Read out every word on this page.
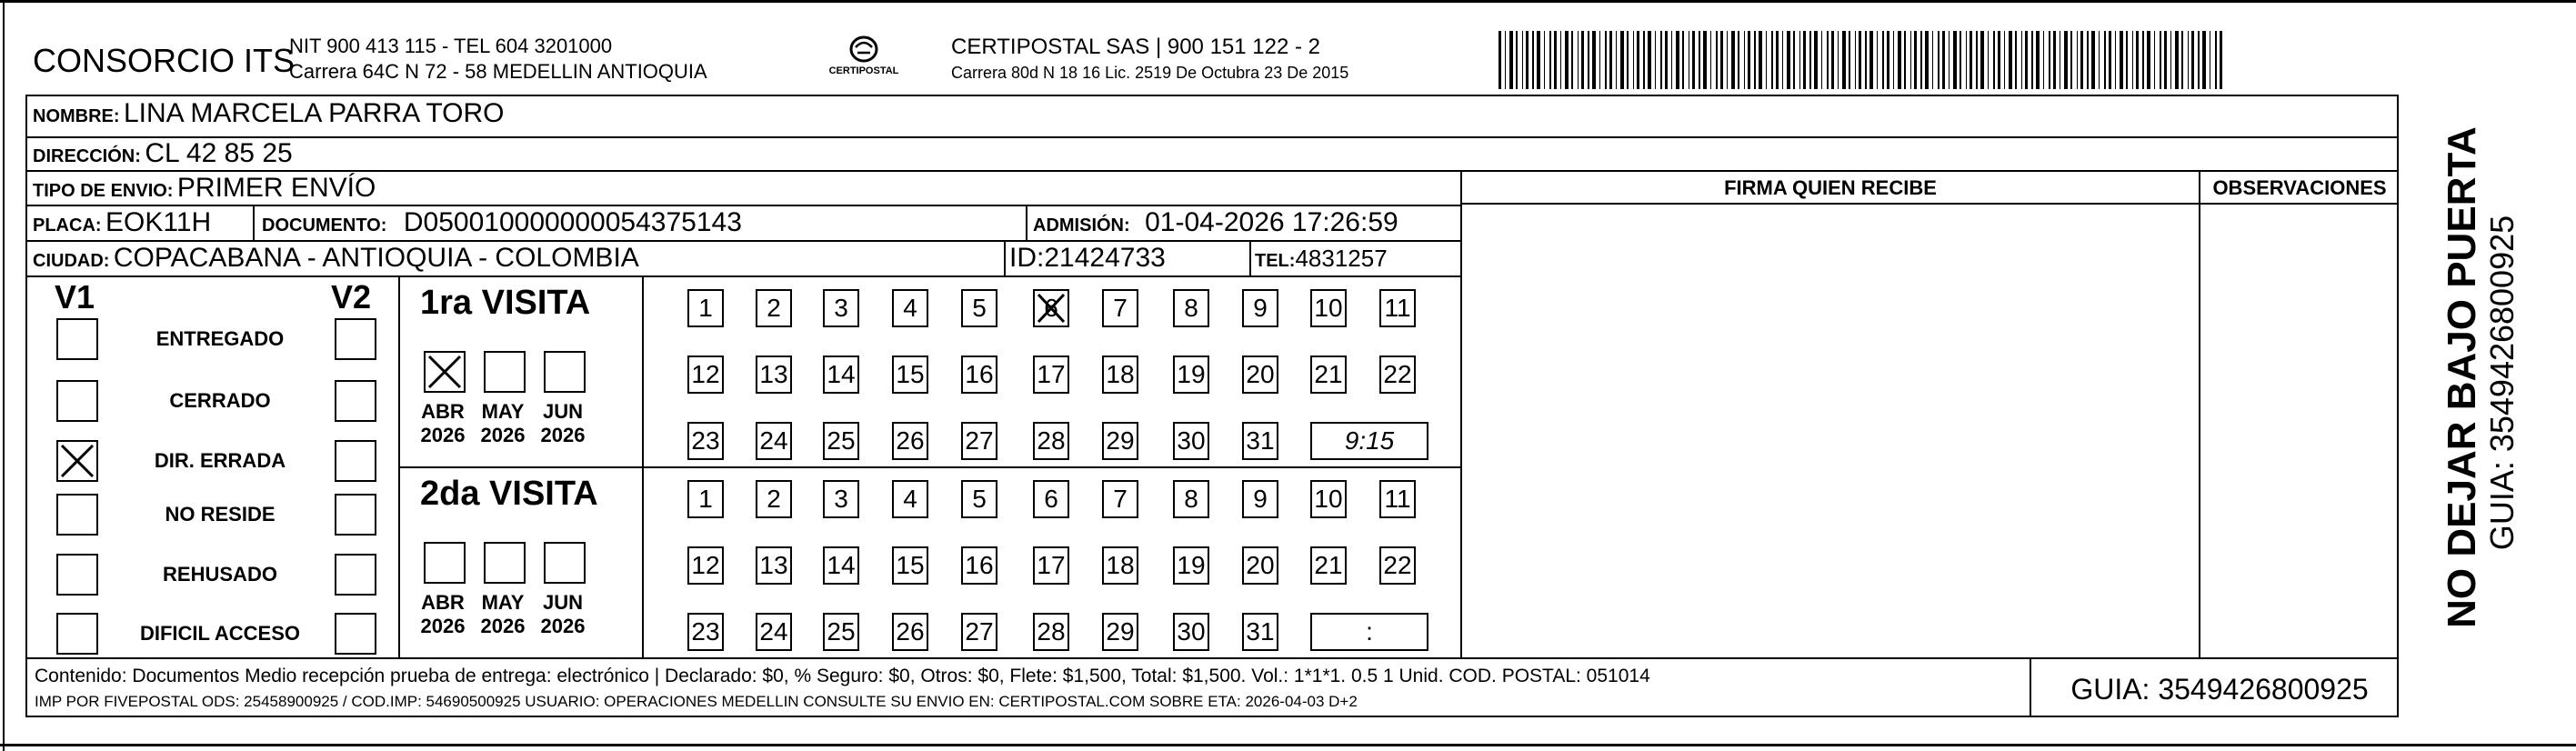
CONSORCIO ITS
NIT 900 413 115 - TEL 604 3201000
Carrera 64C N 72 - 58 MEDELLIN ANTIOQUIA	CERTIPOSTAL
CERTIPOSTAL SAS | 900 151 122 - 2
Carrera 80d N 18 16 Lic. 2519 De Octubra 23 De 2015
NOMBRE: LINA MARCELA PARRA TORO
DIRECCIÓN: CL 42 85 25
TIPO DE ENVIO: PRIMER ENVÍO	FIRMA QUIEN RECIBE	OBSERVACIONES
PLACA: EOK11H	DOCUMENTO: D050010000000054375143	ADMISIÓN: 01-04-2026 17:26:59
CIUDAD: COPACABANA - ANTIOQUIA - COLOMBIA	ID:21424733	TEL:4831257
V1	V2
ENTREGADO
CERRADO
DIR. ERRADA
NO RESIDE
REHUSADO
DIFICIL ACCESO
1ra VISITA
2da VISITA
ABR
2026
MAY
2026
JUN
2026
1	2	3	4	5	6	7	8	9	10 11
12 13 14 15 16 17 18 19 20 21 22
23 24 25 26 27 28 29 30 31	9:15
ABR
2026
MAY
2026
JUN
2026
1	2	3	4	5	6	7	8	9	10 11
12 13 14 15 16 17 18 19 20 21 22
23 24 25 26 27 28 29 30 31	:
Contenido: Documentos Medio recepción prueba de entrega: electrónico | Declarado: $0, % Seguro: $0, Otros: $0, Flete: $1,500, Total: $1,500. Vol.: 1*1*1. 0.5 1 Unid. COD. POSTAL: 051014
IMP POR FIVEPOSTAL ODS: 25458900925 / COD.IMP: 54690500925 USUARIO: OPERACIONES MEDELLIN CONSULTE SU ENVIO EN: CERTIPOSTAL.COM SOBRE ETA: 2026-04-03 D+2	GUIA: 3549426800925
NO DEJAR BAJO PUERTA GUIA: 3549426800925
